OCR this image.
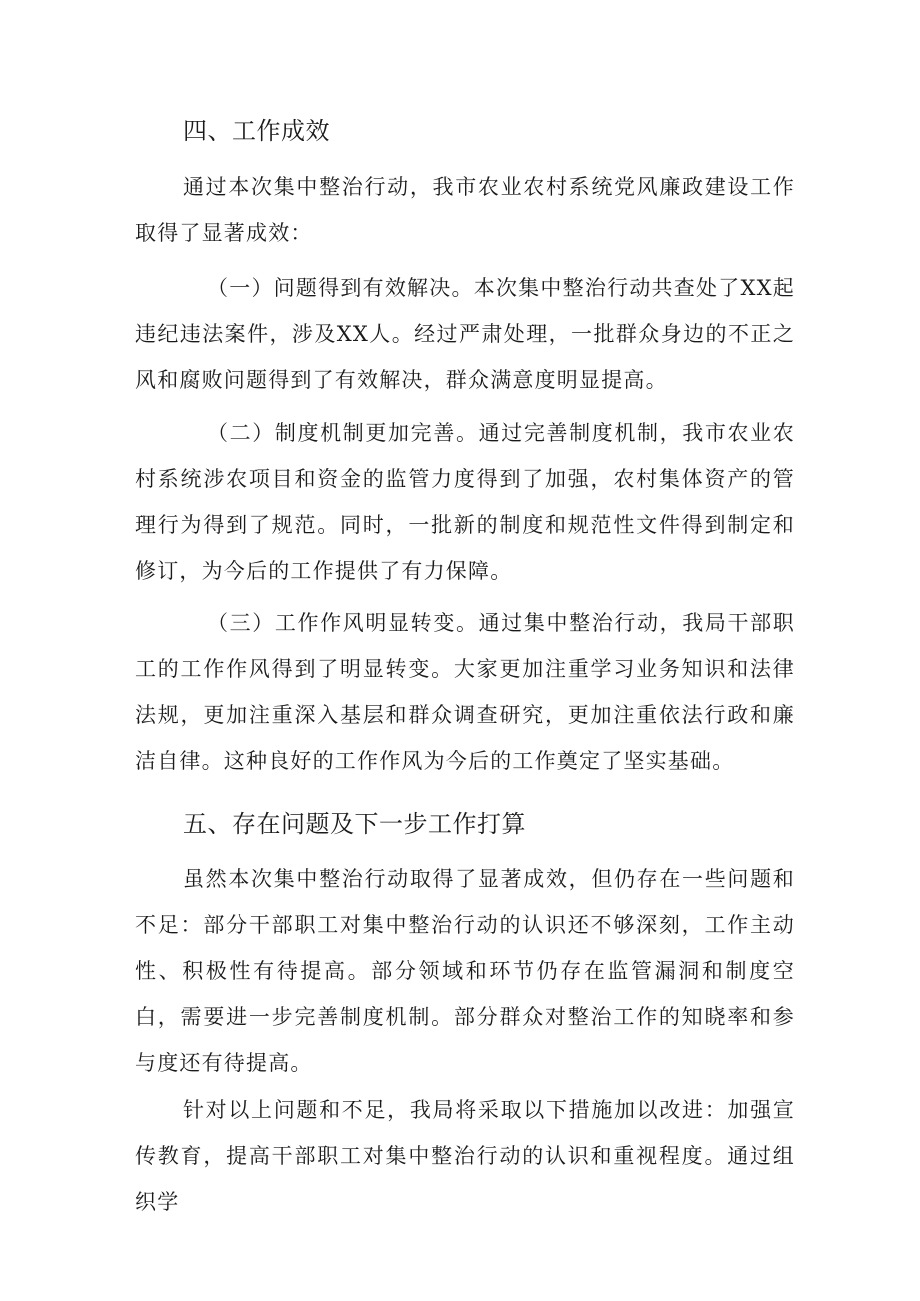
四、工作成效
通过本次集中整治行动，我市农业农村系统党风廉政建设工作取得了显著成效：
（一）问题得到有效解决。本次集中整治行动共查处了XX起违纪违法案件，涉及XX人。经过严肃处理，一批群众身边的不正之风和腐败问题得到了有效解决，群众满意度明显提高。
（二）制度机制更加完善。通过完善制度机制，我市农业农村系统涉农项目和资金的监管力度得到了加强，农村集体资产的管理行为得到了规范。同时，一批新的制度和规范性文件得到制定和修订，为今后的工作提供了有力保障。
（三）工作作风明显转变。通过集中整治行动，我局干部职工的工作作风得到了明显转变。大家更加注重学习业务知识和法律法规，更加注重深入基层和群众调查研究，更加注重依法行政和廉洁自律。这种良好的工作作风为今后的工作奠定了坚实基础。
五、存在问题及下一步工作打算
虽然本次集中整治行动取得了显著成效，但仍存在一些问题和不足：部分干部职工对集中整治行动的认识还不够深刻，工作主动性、积极性有待提高。部分领域和环节仍存在监管漏洞和制度空白，需要进一步完善制度机制。部分群众对整治工作的知晓率和参与度还有待提高。
针对以上问题和不足，我局将采取以下措施加以改进：加强宣传教育，提高干部职工对集中整治行动的认识和重视程度。通过组织学
